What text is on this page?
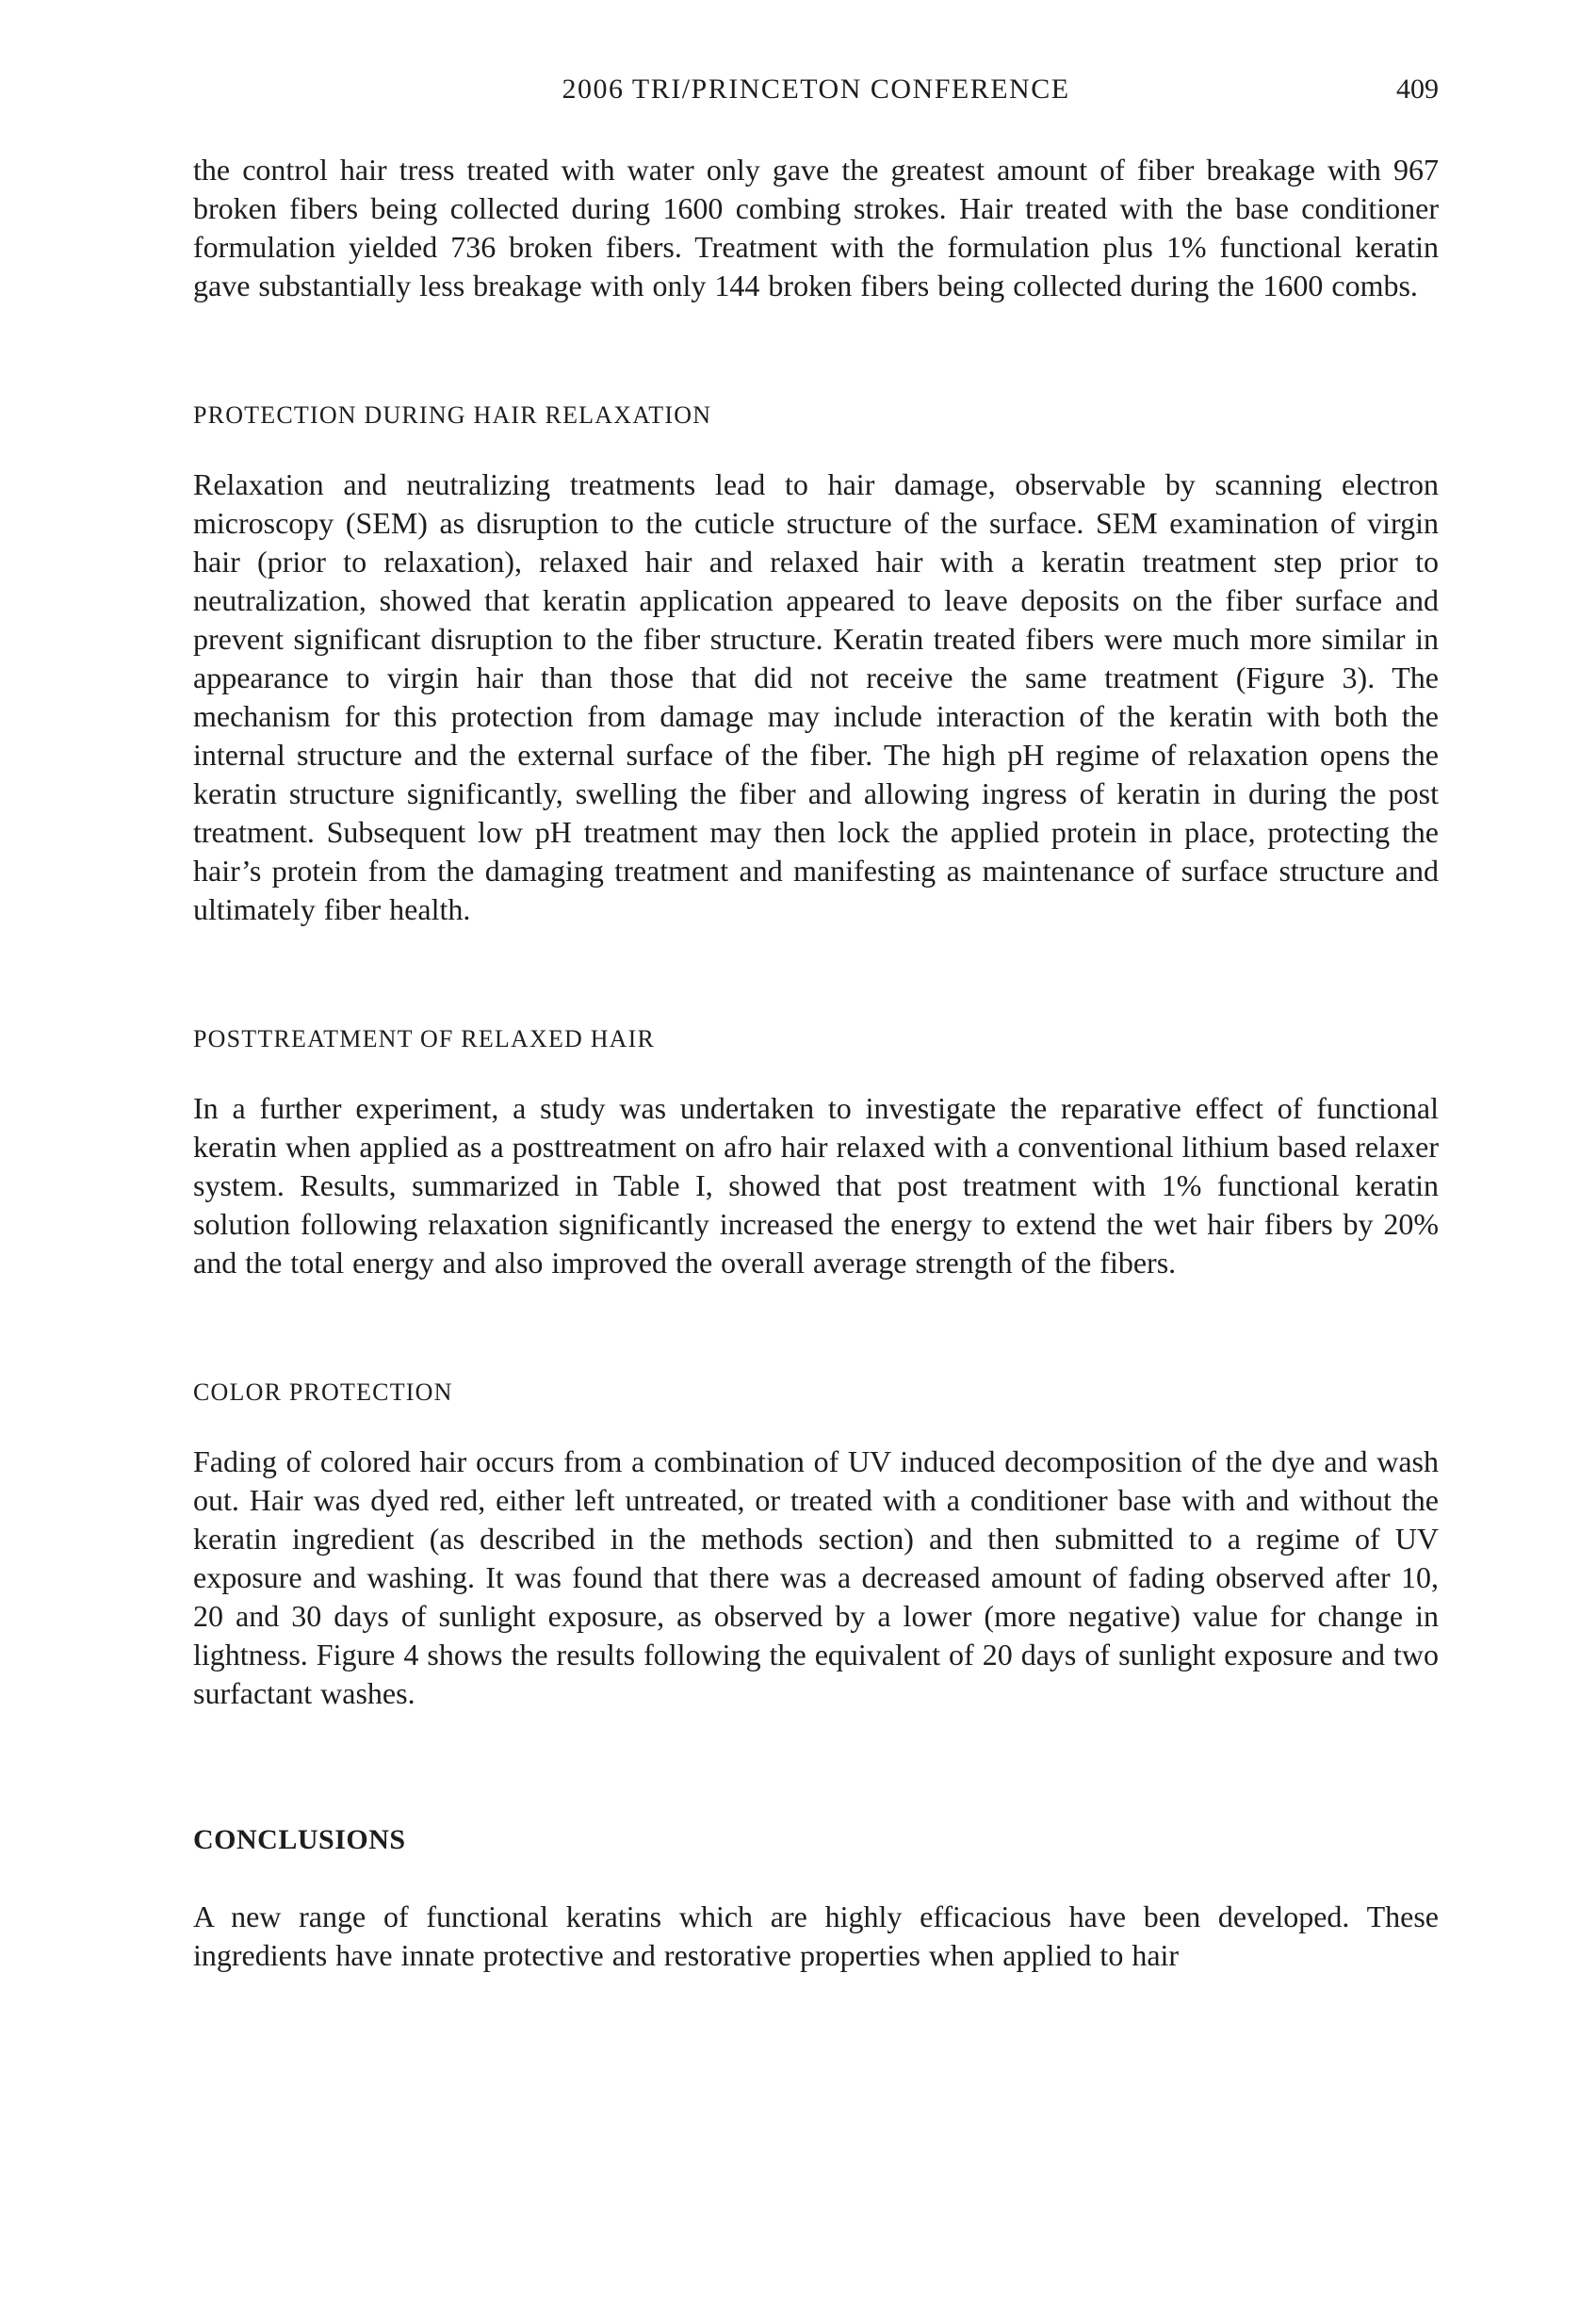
2006 TRI/PRINCETON CONFERENCE	409

the control hair tress treated with water only gave the greatest amount of fiber breakage with 967 broken fibers being collected during 1600 combing strokes. Hair treated with the base conditioner formulation yielded 736 broken fibers. Treatment with the formulation plus 1% functional keratin gave substantially less breakage with only 144 broken fibers being collected during the 1600 combs.

PROTECTION DURING HAIR RELAXATION

Relaxation and neutralizing treatments lead to hair damage, observable by scanning electron microscopy (SEM) as disruption to the cuticle structure of the surface. SEM examination of virgin hair (prior to relaxation), relaxed hair and relaxed hair with a keratin treatment step prior to neutralization, showed that keratin application appeared to leave deposits on the fiber surface and prevent significant disruption to the fiber structure. Keratin treated fibers were much more similar in appearance to virgin hair than those that did not receive the same treatment (Figure 3). The mechanism for this protection from damage may include interaction of the keratin with both the internal structure and the external surface of the fiber. The high pH regime of relaxation opens the keratin structure significantly, swelling the fiber and allowing ingress of keratin in during the post treatment. Subsequent low pH treatment may then lock the applied protein in place, protecting the hair’s protein from the damaging treatment and manifesting as maintenance of surface structure and ultimately fiber health.

POSTTREATMENT OF RELAXED HAIR

In a further experiment, a study was undertaken to investigate the reparative effect of functional keratin when applied as a posttreatment on afro hair relaxed with a conventional lithium based relaxer system. Results, summarized in Table I, showed that post treatment with 1% functional keratin solution following relaxation significantly increased the energy to extend the wet hair fibers by 20% and the total energy and also improved the overall average strength of the fibers.

COLOR PROTECTION

Fading of colored hair occurs from a combination of UV induced decomposition of the dye and wash out. Hair was dyed red, either left untreated, or treated with a conditioner base with and without the keratin ingredient (as described in the methods section) and then submitted to a regime of UV exposure and washing. It was found that there was a decreased amount of fading observed after 10, 20 and 30 days of sunlight exposure, as observed by a lower (more negative) value for change in lightness. Figure 4 shows the results following the equivalent of 20 days of sunlight exposure and two surfactant washes.

CONCLUSIONS

A new range of functional keratins which are highly efficacious have been developed. These ingredients have innate protective and restorative properties when applied to hair
